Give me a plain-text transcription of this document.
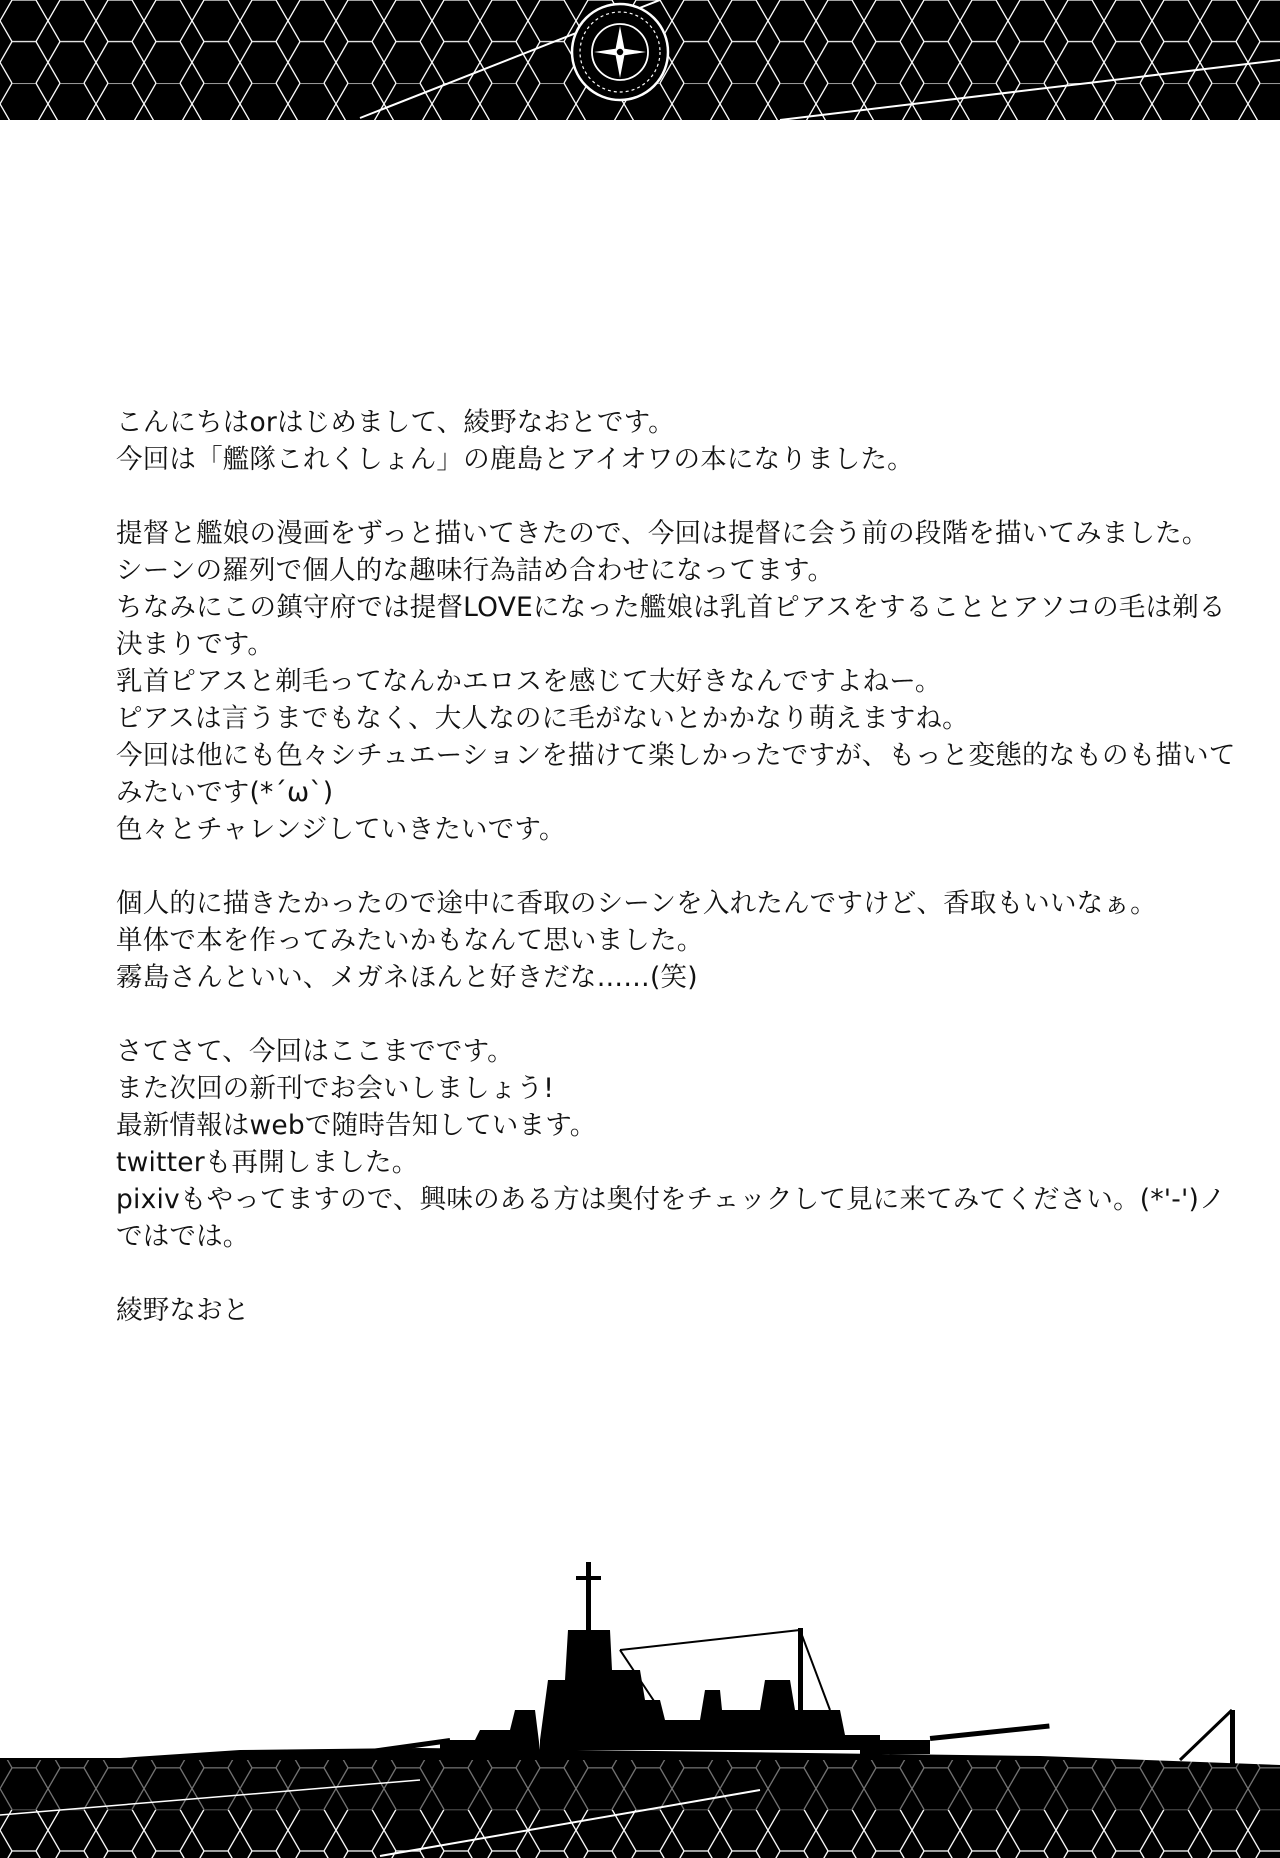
こんにちはorはじめまして、綾野なおとです。

今回は「艦隊これくしょん」の鹿島とアイオワの本になりました。

提督と艦娘の漫画をずっと描いてきたので、今回は提督に会う前の段階を描いてみました。

シーンの羅列で個人的な趣味行為詰め合わせになってます。

ちなみにこの鎮守府では提督LOVEになった艦娘は乳首ピアスをすることとアソコの毛は剃る

決まりです。

乳首ピアスと剃毛ってなんかエロスを感じて大好きなんですよねー。

ピアスは言うまでもなく、大人なのに毛がないとかかなり萌えますね。

今回は他にも色々シチュエーションを描けて楽しかったですが、もっと変態的なものも描いて

みたいです(*´ω`)

色々とチャレンジしていきたいです。

個人的に描きたかったので途中に香取のシーンを入れたんですけど、香取もいいなぁ。

単体で本を作ってみたいかもなんて思いました。

霧島さんといい、メガネほんと好きだな……(笑)

さてさて、今回はここまでです。

また次回の新刊でお会いしましょう!

最新情報はwebで随時告知しています。

twitterも再開しました。

pixivもやってますので、興味のある方は奥付をチェックして見に来てみてください。(*'-')ノ

ではでは。

綾野なおと
